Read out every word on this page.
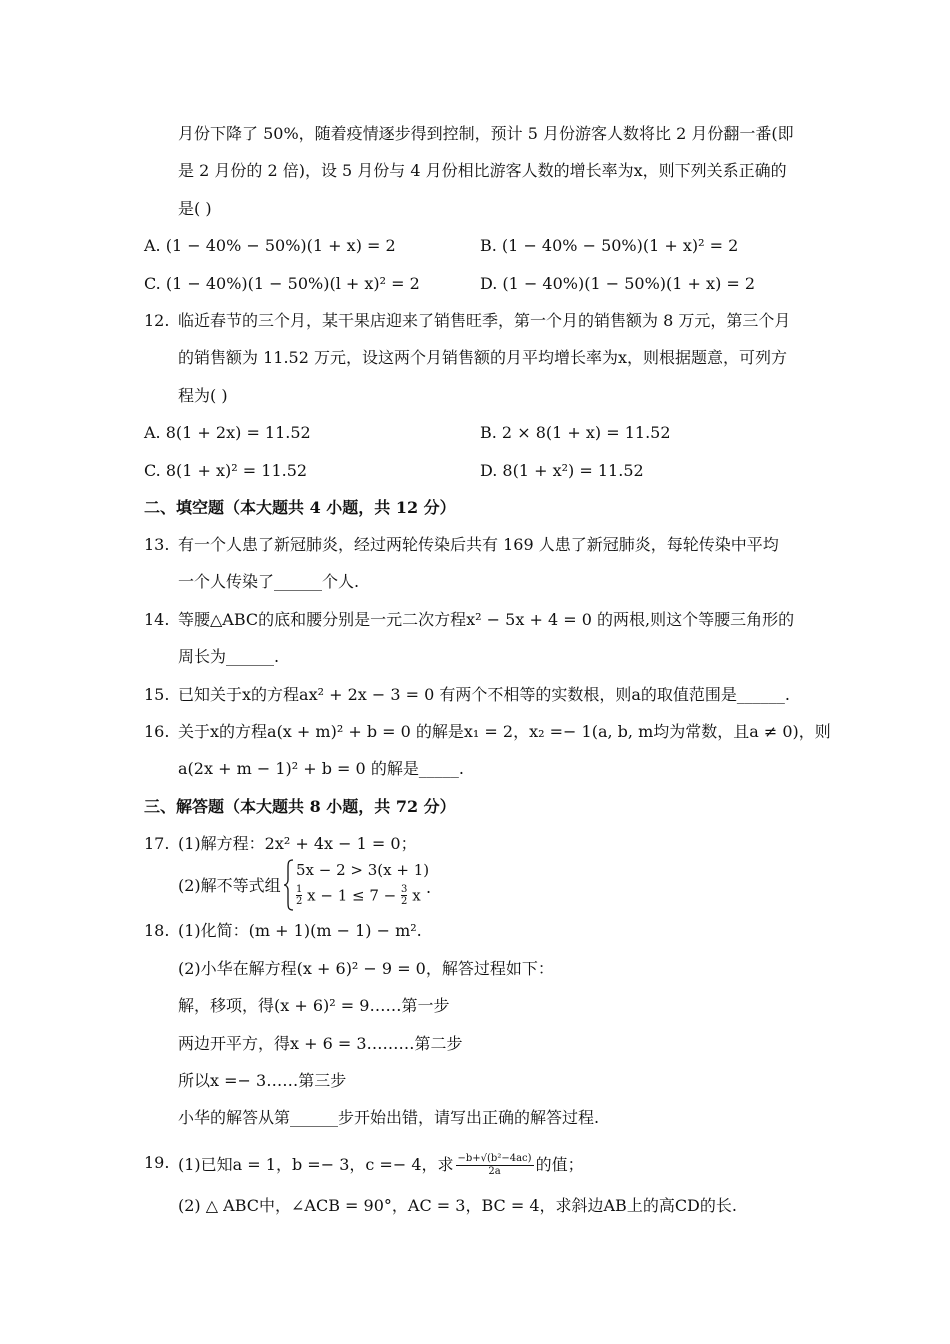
月份下降了 50%，随着疫情逐步得到控制，预计 5 月份游客人数将比 2 月份翻一番(即
是 2 月份的 2 倍)，设 5 月份与 4 月份相比游客人数的增长率为x，则下列关系正确的
是( )
A. (1 − 40% − 50%)(1 + x) = 2	B. (1 − 40% − 50%)(1 + x)² = 2
C. (1 − 40%)(1 − 50%)(l + x)² = 2	D. (1 − 40%)(1 − 50%)(1 + x) = 2
12. 临近春节的三个月，某干果店迎来了销售旺季，第一个月的销售额为 8 万元，第三个月
的销售额为 11.52 万元，设这两个月销售额的月平均增长率为x，则根据题意，可列方
程为( )
A. 8(1 + 2x) = 11.52	B. 2 × 8(1 + x) = 11.52
C. 8(1 + x)² = 11.52	D. 8(1 + x²) = 11.52
二、填空题（本大题共 4 小题，共 12 分）
13. 有一个人患了新冠肺炎，经过两轮传染后共有 169 人患了新冠肺炎，每轮传染中平均
一个人传染了______个人.
14. 等腰△ABC的底和腰分别是一元二次方程x² − 5x + 4 = 0 的两根,则这个等腰三角形的
周长为______.
15. 已知关于x的方程ax² + 2x − 3 = 0 有两个不相等的实数根，则a的取值范围是______.
16. 关于x的方程a(x + m)² + b = 0 的解是x₁ = 2，x₂ =− 1(a, b, m均为常数，且a ≠ 0)，则
a(2x + m − 1)² + b = 0 的解是_____.
三、解答题（本大题共 8 小题，共 72 分）
17. (1)解方程：2x² + 4x − 1 = 0；
(2)解不等式组
5x − 2 > 3(x + 1)
$\frac{1}{2}$ $x - 1 \le 7 - \frac{3}{2}$ x .
18. (1)化简：(m + 1)(m − 1) − m².
(2)小华在解方程(x + 6)² − 9 = 0，解答过程如下：
解，移项，得(x + 6)² = 9……第一步
两边开平方，得x + 6 = 3………第二步
所以x =− 3……第三步
小华的解答从第______步开始出错，请写出正确的解答过程.
19. (1)已知a = 1，b =− 3，c =− 4，求 $\frac{\text{−b+√(b²−4ac)}}{2a}$ 的值；
(2) △ ABC中，∠ACB = 90°，AC = 3，BC = 4，求斜边AB上的高CD的长.
